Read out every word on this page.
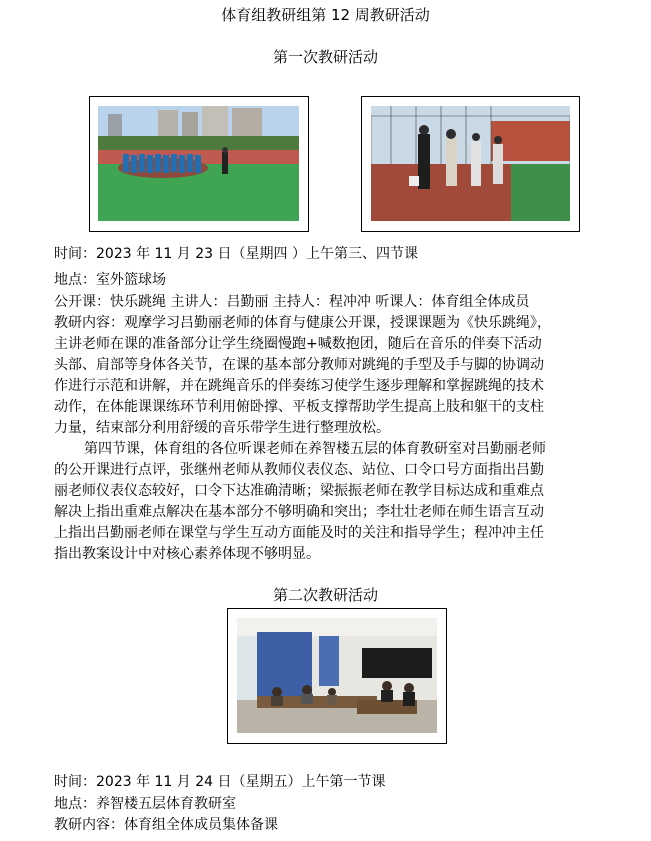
体育组教研组第 12 周教研活动
第一次教研活动
时间：2023 年 11 月 23 日（星期四 ）上午第三、四节课
地点：室外篮球场
公开课：快乐跳绳 主讲人：吕勤丽 主持人：程冲冲 听课人：体育组全体成员
教研内容：观摩学习吕勤丽老师的体育与健康公开课，授课课题为《快乐跳绳》，
主讲老师在课的准备部分让学生绕圈慢跑+喊数抱团，随后在音乐的伴奏下活动
头部、肩部等身体各关节，在课的基本部分教师对跳绳的手型及手与脚的协调动
作进行示范和讲解，并在跳绳音乐的伴奏练习使学生逐步理解和掌握跳绳的技术
动作，在体能课课练环节利用俯卧撑、平板支撑帮助学生提高上肢和躯干的支柱
力量，结束部分利用舒缓的音乐带学生进行整理放松。
第四节课，体育组的各位听课老师在养智楼五层的体育教研室对吕勤丽老师
的公开课进行点评，张继州老师从教师仪表仪态、站位、口令口号方面指出吕勤
丽老师仪表仪态较好，口令下达准确清晰；梁振振老师在教学目标达成和重难点
解决上指出重难点解决在基本部分不够明确和突出；李壮壮老师在师生语言互动
上指出吕勤丽老师在课堂与学生互动方面能及时的关注和指导学生；程冲冲主任
指出教案设计中对核心素养体现不够明显。
第二次教研活动
时间：2023 年 11 月 24 日（星期五）上午第一节课
地点：养智楼五层体育教研室
教研内容：体育组全体成员集体备课
